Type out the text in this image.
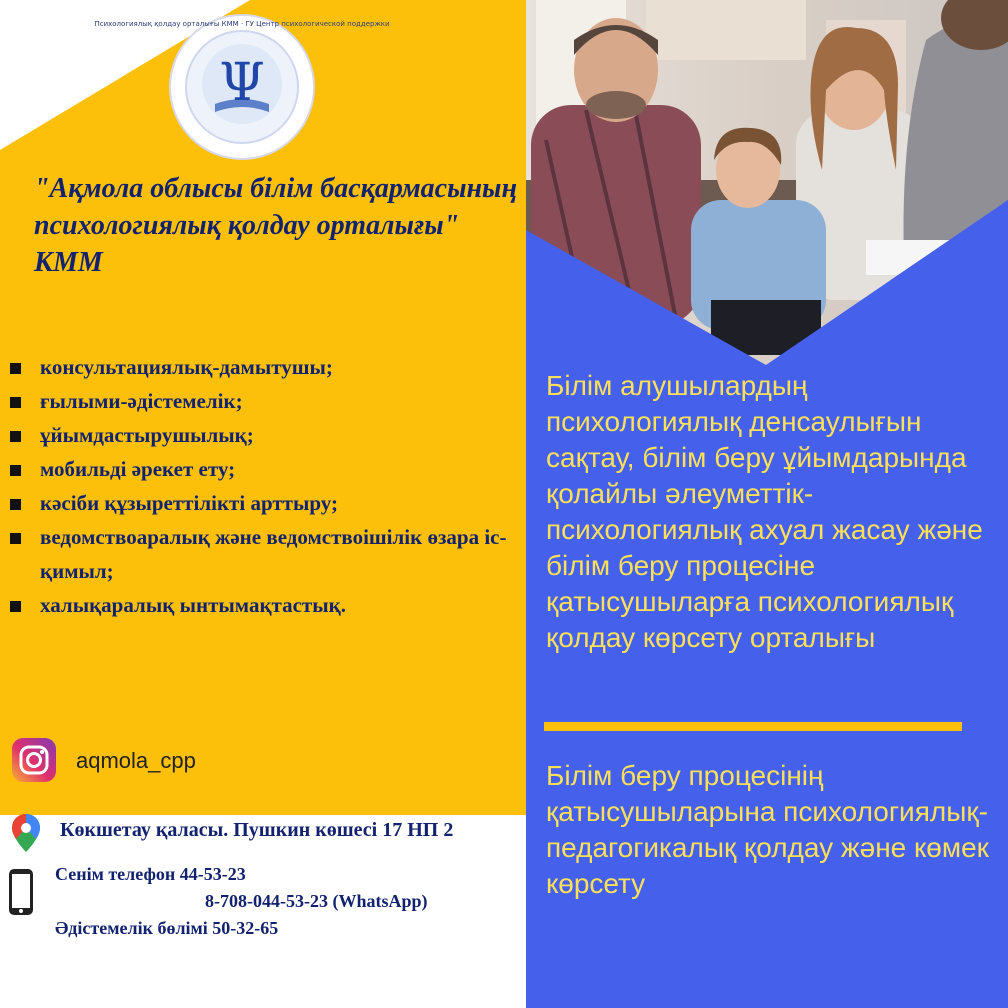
Ψ
Психологиялық қолдау орталығы КММ · ГУ Центр психологической поддержки
"Ақмола облысы білім басқармасының психологиялық қолдау орталығы" КММ
консультациялық-дамытушы;
ғылыми-әдістемелік;
ұйымдастырушылық;
мобильді әрекет ету;
кәсіби құзыреттілікті арттыру;
ведомствоаралық және ведомствоішілік өзара іс-қимыл;
халықаралық ынтымақтастық.
aqmola_cpp
Көкшетау қаласы. Пушкин көшесі 17 НП 2
Сенім телефон 44-53-23
8-708-044-53-23 (WhatsApp)
Әдістемелік бөлімі 50-32-65
Білім алушылардың психологиялық денсаулығын сақтау, білім беру ұйымдарында қолайлы әлеуметтік-психологиялық ахуал жасау және білім беру процесіне қатысушыларға психологиялық қолдау көрсету орталығы
Білім беру процесінің қатысушыларына психологиялық-педагогикалық қолдау және көмек көрсету
